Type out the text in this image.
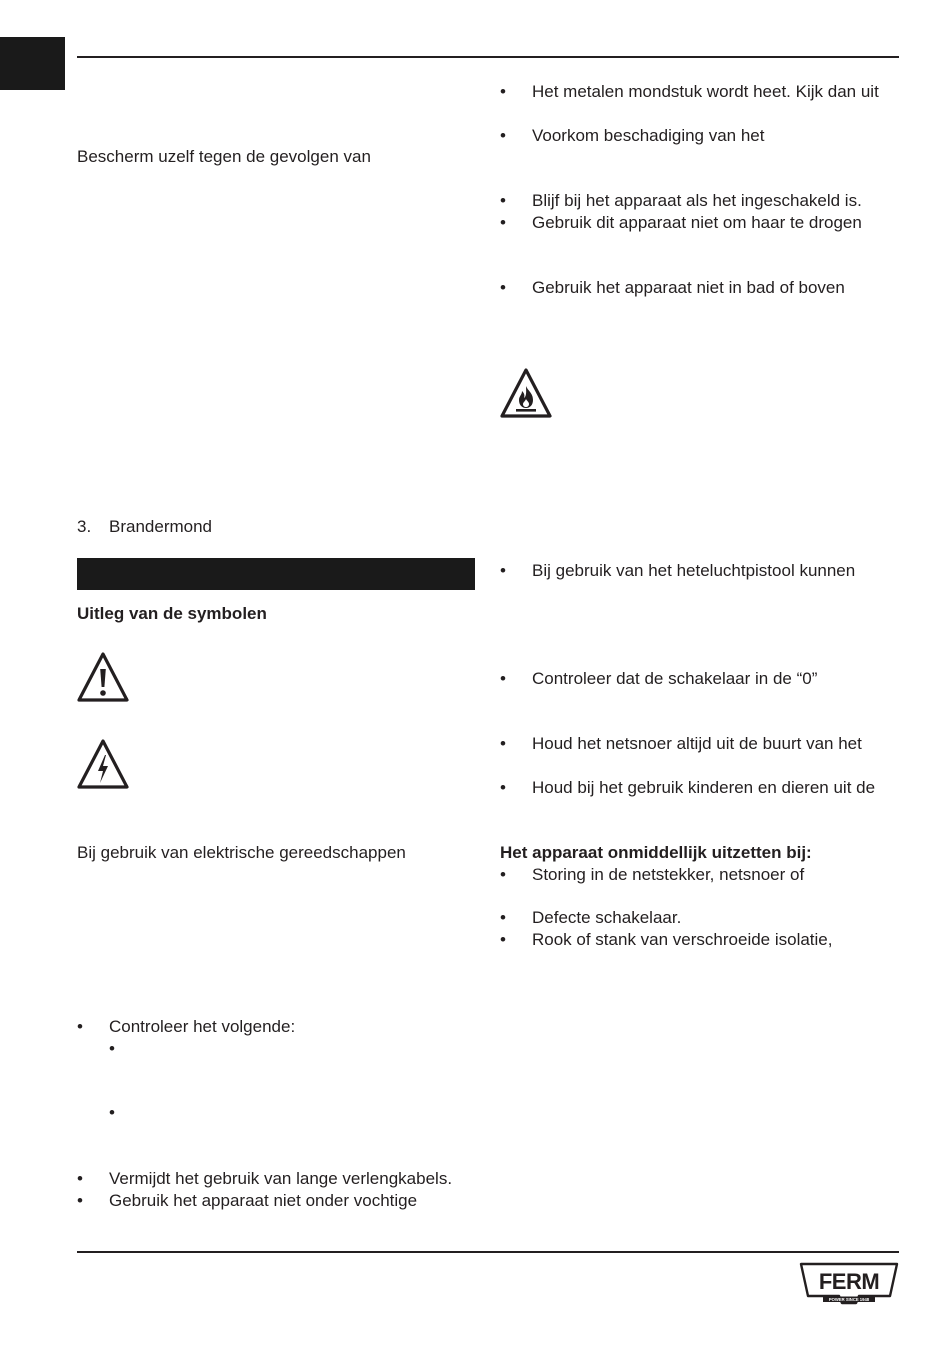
Bescherm uzelf tegen de gevolgen van
3. Brandermond
Uitleg van de symbolen
Bij gebruik van elektrische gereedschappen
•	Controleer het volgende:
•
•
•	Vermijdt het gebruik van lange verlengkabels.
•	Gebruik het apparaat niet onder vochtige
•	Het metalen mondstuk wordt heet. Kijk dan uit
•	Voorkom beschadiging van het
•	Blijf bij het apparaat als het ingeschakeld is.
•	Gebruik dit apparaat niet om haar te drogen
•	Gebruik het apparaat niet in bad of boven
•	Bij gebruik van het heteluchtpistool kunnen
•	Controleer dat de schakelaar in de “0”
•	Houd het netsnoer altijd uit de buurt van het
•	Houd bij het gebruik kinderen en dieren uit de
Het apparaat onmiddellijk uitzetten bij:
•	Storing in de netstekker, netsnoer of
•	Defecte schakelaar.
•	Rook of stank van verschroeide isolatie,
FERM
POWER SINCE 1948
